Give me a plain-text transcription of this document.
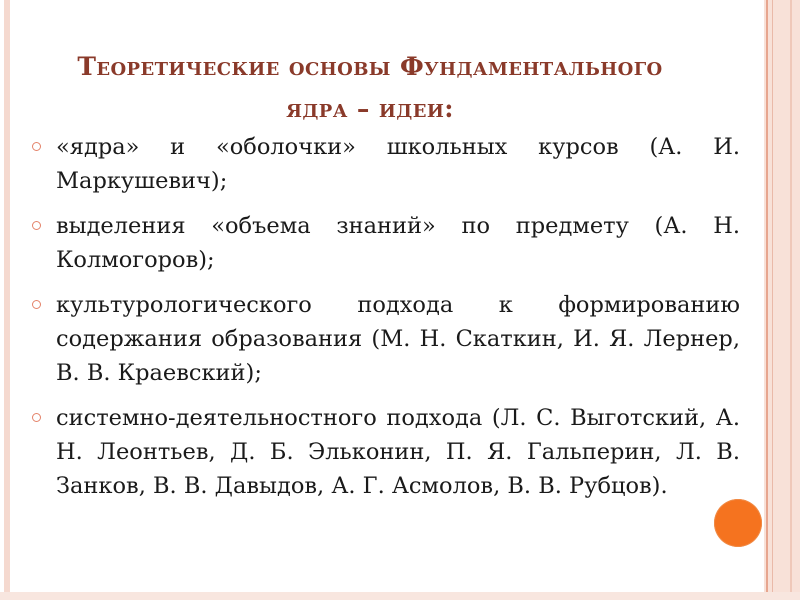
Теоретические основы Фундаментального
ядра – идеи:

«ядра» и «оболочки» школьных курсов (А. И. Маркушевич);

выделения «объема знаний» по предмету (А. Н. Колмогоров);

культурологического подхода к формированию содержания образования (М. Н. Скаткин, И. Я. Лернер, В. В. Краевский);

системно-деятельностного подхода (Л. С. Выготский, А. Н. Леонтьев, Д. Б. Эльконин, П. Я. Гальперин, Л. В. Занков, В. В. Давыдов, А. Г. Асмолов, В. В. Рубцов).
